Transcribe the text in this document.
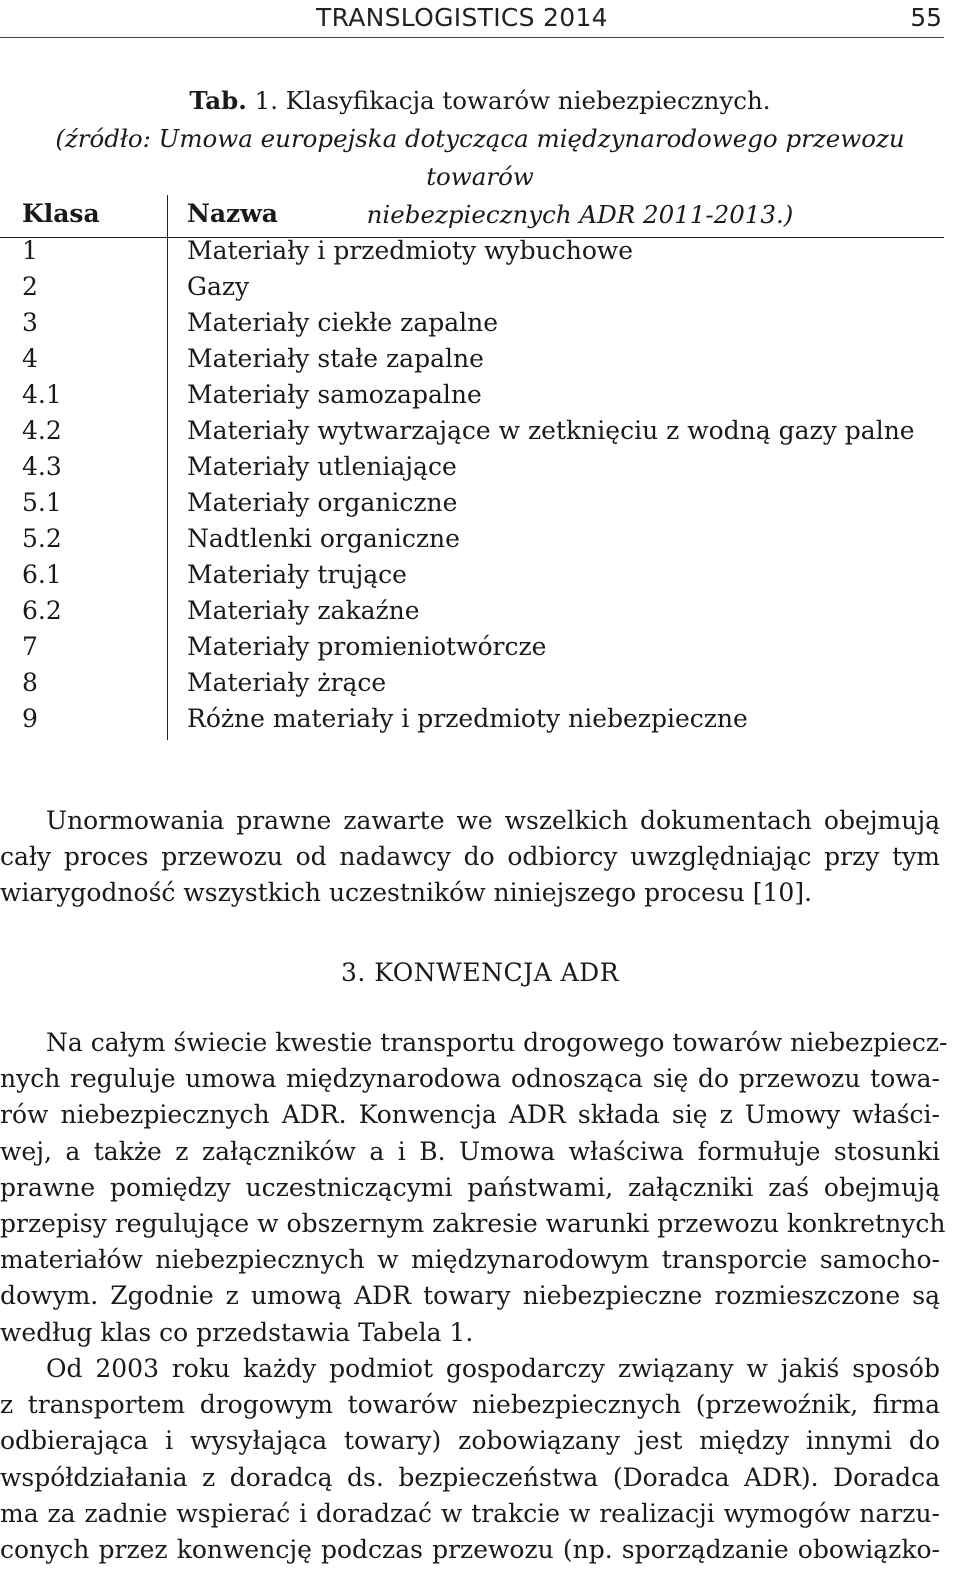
TRANSLOGISTICS 2014	55
Tab. 1. Klasyfikacja towarów niebezpiecznych.
(źródło: Umowa europejska dotycząca międzynarodowego przewozu towarów
niebezpiecznych ADR 2011-2013.)
Klasa	Nazwa
1	Materiały i przedmioty wybuchowe
2	Gazy
3	Materiały ciekłe zapalne
4	Materiały stałe zapalne
4.1	Materiały samozapalne
4.2	Materiały wytwarzające w zetknięciu z wodną gazy palne
4.3	Materiały utleniające
5.1	Materiały organiczne
5.2	Nadtlenki organiczne
6.1	Materiały trujące
6.2	Materiały zakaźne
7	Materiały promieniotwórcze
8	Materiały żrące
9	Różne materiały i przedmioty niebezpieczne
Unormowania prawne zawarte we wszelkich dokumentach obejmują
cały proces przewozu od nadawcy do odbiorcy uwzględniając przy tym
wiarygodność wszystkich uczestników niniejszego procesu [10].
3. KONWENCJA ADR
Na całym świecie kwestie transportu drogowego towarów niebezpiecz-
nych reguluje umowa międzynarodowa odnosząca się do przewozu towa-
rów niebezpiecznych ADR. Konwencja ADR składa się z Umowy właści-
wej, a także z załączników a i B. Umowa właściwa formułuje stosunki
prawne pomiędzy uczestniczącymi państwami, załączniki zaś obejmują
przepisy regulujące w obszernym zakresie warunki przewozu konkretnych
materiałów niebezpiecznych w międzynarodowym transporcie samocho-
dowym. Zgodnie z umową ADR towary niebezpieczne rozmieszczone są
według klas co przedstawia Tabela 1.
Od 2003 roku każdy podmiot gospodarczy związany w jakiś sposób
z transportem drogowym towarów niebezpiecznych (przewoźnik, firma
odbierająca i wysyłająca towary) zobowiązany jest między innymi do
współdziałania z doradcą ds. bezpieczeństwa (Doradca ADR). Doradca
ma za zadnie wspierać i doradzać w trakcie w realizacji wymogów narzu-
conych przez konwencję podczas przewozu (np. sporządzanie obowiązko-
